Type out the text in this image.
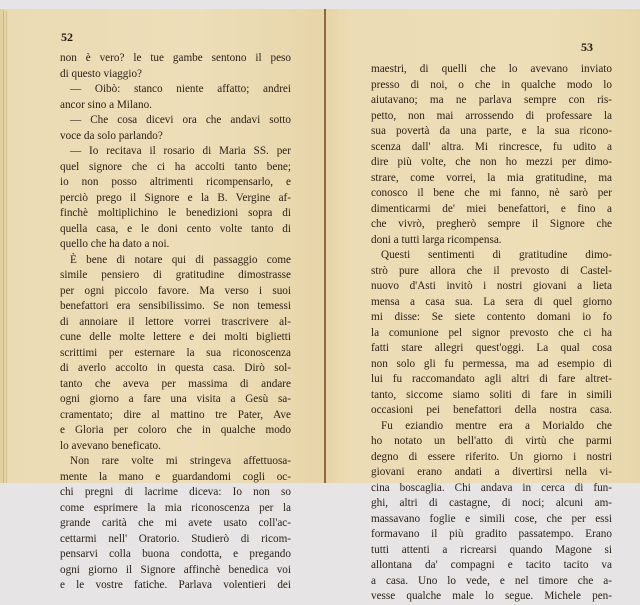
52
non è vero? le tue gambe sentono il peso
di questo viaggio?
— Oibò: stanco niente affatto; andrei
ancor sino a Milano.
— Che cosa dicevi ora che andavi sotto
voce da solo parlando?
— Io recitava il rosario di Maria SS. per
quel signore che ci ha accolti tanto bene;
io non posso altrimenti ricompensarlo, e
perciò prego il Signore e la B. Vergine af-
finchè moltiplichino le benedizioni sopra di
quella casa, e le doni cento volte tanto di
quello che ha dato a noi.
È bene di notare qui di passaggio come
simile pensiero di gratitudine dimostrasse
per ogni piccolo favore. Ma verso i suoi
benefattori era sensibilissimo. Se non temessi
di annoiare il lettore vorrei trascrivere al-
cune delle molte lettere e dei molti biglietti
scrittimi per esternare la sua riconoscenza
di averlo accolto in questa casa. Dirò sol-
tanto che aveva per massima di andare
ogni giorno a fare una visita a Gesù sa-
cramentato; dire al mattino tre Pater, Ave
e Gloria per coloro che in qualche modo
lo avevano beneficato.
Non rare volte mi stringeva affettuosa-
mente la mano e guardandomi cogli oc-
chi pregni di lacrime diceva: Io non so
come esprimere la mia riconoscenza per la
grande carità che mi avete usato coll'ac-
cettarmi nell' Oratorio. Studierò di ricom-
pensarvi colla buona condotta, e pregando
ogni giorno il Signore affinchè benedica voi
e le vostre fatiche. Parlava volentieri dei
53
maestri, di quelli che lo avevano inviato
presso di noi, o che in qualche modo lo
aiutavano; ma ne parlava sempre con ris-
petto, non mai arrossendo di professare la
sua povertà da una parte, e la sua ricono-
scenza dall' altra. Mi rincresce, fu udito a
dire più volte, che non ho mezzi per dimo-
strare, come vorrei, la mia gratitudine, ma
conosco il bene che mi fanno, nè sarò per
dimenticarmi de' miei benefattori, e fino a
che vivrò, pregherò sempre il Signore che
doni a tutti larga ricompensa.
Questi sentimenti di gratitudine dimo-
strò pure allora che il prevosto di Castel-
nuovo d'Asti invitò i nostri giovani a lieta
mensa a casa sua. La sera di quel giorno
mi disse: Se siete contento domani io fo
la comunione pel signor prevosto che ci ha
fatti stare allegri quest'oggi. La qual cosa
non solo gli fu permessa, ma ad esempio di
lui fu raccomandato agli altri di fare altret-
tanto, siccome siamo soliti di fare in simili
occasioni pei benefattori della nostra casa.
Fu eziandio mentre era a Morialdo che
ho notato un bell'atto di virtù che parmi
degno di essere riferito. Un giorno i nostri
giovani erano andati a divertirsi nella vi-
cina boscaglia. Chi andava in cerca di fun-
ghi, altri di castagne, di noci; alcuni am-
massavano foglie e simili cose, che per essi
formavano il più gradito passatempo. Erano
tutti attenti a ricrearsi quando Magone si
allontana da' compagni e tacito tacito va
a casa. Uno lo vede, e nel timore che a-
vesse qualche male lo segue. Michele pen-
